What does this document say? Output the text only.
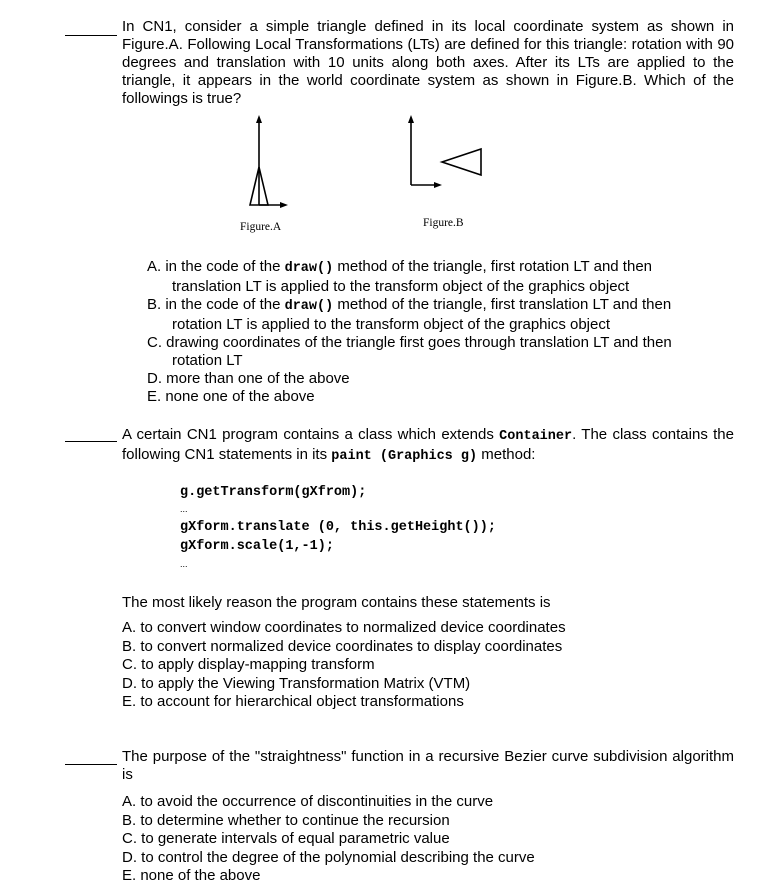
In CN1, consider a simple triangle defined in its local coordinate system as shown in Figure.A. Following Local Transformations (LTs) are defined for this triangle: rotation with 90 degrees and translation with 10 units along both axes. After its LTs are applied to the triangle, it appears in the world coordinate system as shown in Figure.B. Which of the followings is true?
Figure.A	Figure.B
A. in the code of the draw() method of the triangle, first rotation LT and then translation LT is applied to the transform object of the graphics object
B. in the code of the draw() method of the triangle, first translation LT and then rotation LT is applied to the transform object of the graphics object
C. drawing coordinates of the triangle first goes through translation LT and then rotation LT
D. more than one of the above
E. none one of the above
A certain CN1 program contains a class which extends Container. The class contains the following CN1 statements in its paint (Graphics g) method:
g.getTransform(gXfrom);
...
gXform.translate (0, this.getHeight());
gXform.scale(1,-1);
...
The most likely reason the program contains these statements is
A. to convert window coordinates to normalized device coordinates
B. to convert normalized device coordinates to display coordinates
C. to apply display-mapping transform
D. to apply the Viewing Transformation Matrix (VTM)
E. to account for hierarchical object transformations
The purpose of the "straightness" function in a recursive Bezier curve subdivision algorithm is
A. to avoid the occurrence of discontinuities in the curve
B. to determine whether to continue the recursion
C. to generate intervals of equal parametric value
D. to control the degree of the polynomial describing the curve
E. none of the above
